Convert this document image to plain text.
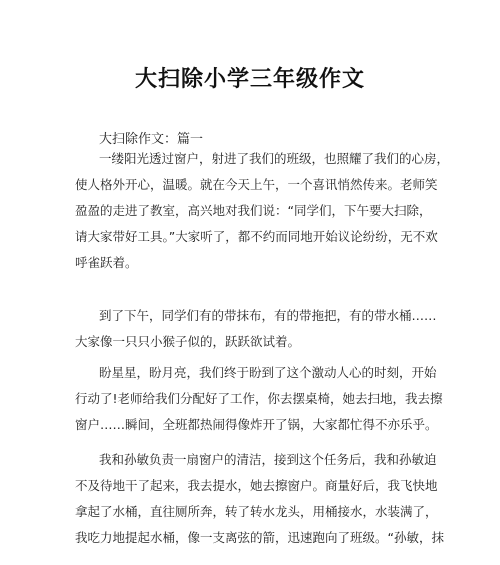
大扫除小学三年级作文
大扫除作文：篇一
一缕阳光透过窗户，射进了我们的班级，也照耀了我们的心房，
使人格外开心，温暖。就在今天上午，一个喜讯悄然传来。老师笑
盈盈的走进了教室，高兴地对我们说：“同学们，下午要大扫除，
请大家带好工具。”大家听了，都不约而同地开始议论纷纷，无不欢
呼雀跃着。
到了下午，同学们有的带抹布，有的带拖把，有的带水桶……
大家像一只只小猴子似的，跃跃欲试着。
盼星星，盼月亮，我们终于盼到了这个激动人心的时刻，开始
行动了!老师给我们分配好了工作，你去摆桌椅，她去扫地，我去擦
窗户……瞬间，全班都热闹得像炸开了锅，大家都忙得不亦乐乎。
我和孙敏负责一扇窗户的清洁，接到这个任务后，我和孙敏迫
不及待地干了起来，我去提水，她去擦窗户。商量好后，我飞快地
拿起了水桶，直往厕所奔，转了转水龙头，用桶接水，水装满了，
我吃力地提起水桶，像一支离弦的箭，迅速跑向了班级。“孙敏，抹
